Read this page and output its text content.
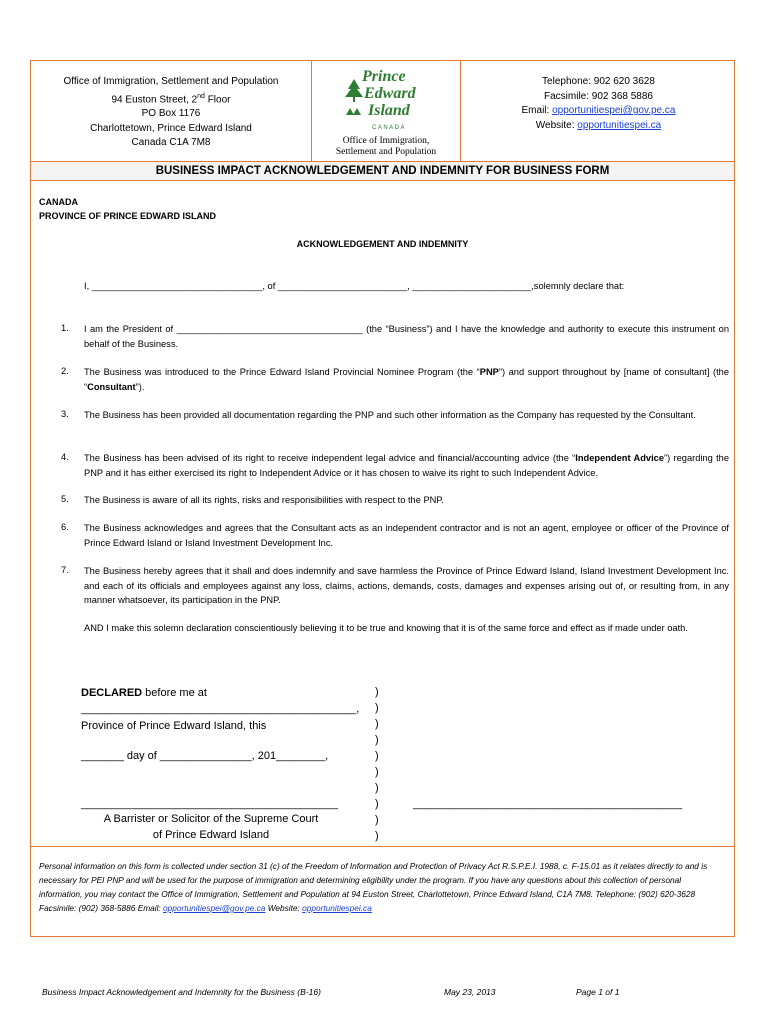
Office of Immigration, Settlement and Population
94 Euston Street, 2nd Floor
PO Box 1176
Charlottetown, Prince Edward Island
Canada C1A 7M8
Prince
Edward
Island
CANADA
Office of Immigration,
Settlement and Population
Telephone: 902 620 3628
Facsimile: 902 368 5886
Email: opportunitiespei@gov.pe.ca
Website: opportunitiespei.ca
BUSINESS IMPACT ACKNOWLEDGEMENT AND INDEMNITY FOR BUSINESS FORM
CANADA
PROVINCE OF PRINCE EDWARD ISLAND
ACKNOWLEDGEMENT AND INDEMNITY
I, _________________________________, of _________________________, _______________________,solemnly declare that:
1. I am the President of ____________________________________ (the “Business”) and I have the knowledge and authority to execute this instrument on behalf of the Business.
2. The Business was introduced to the Prince Edward Island Provincial Nominee Program (the “PNP”) and support throughout by [name of consultant] (the “Consultant”).
3. The Business has been provided all documentation regarding the PNP and such other information as the Company has requested by the Consultant.
4. The Business has been advised of its right to receive independent legal advice and financial/accounting advice (the “Independent Advice”) regarding the PNP and it has either exercised its right to Independent Advice or it has chosen to waive its right to such Independent Advice.
5. The Business is aware of all its rights, risks and responsibilities with respect to the PNP.
6. The Business acknowledges and agrees that the Consultant acts as an independent contractor and is not an agent, employee or officer of the Province of Prince Edward Island or Island Investment Development Inc.
7. The Business hereby agrees that it shall and does indemnify and save harmless the Province of Prince Edward Island, Island Investment Development Inc. and each of its officials and employees against any loss, claims, actions, demands, costs, damages and expenses arising out of, or resulting from, in any manner whatsoever, its participation in the PNP.
AND I make this solemn declaration conscientiously believing it to be true and knowing that it is of the same force and effect as if made under oath.
DECLARED before me at
_____________________________________________,
Province of Prince Edward Island, this
_______ day of _______________, 201________,
__________________________________________
A Barrister or Solicitor of the Supreme Court
of Prince Edward Island
____________________________________________
)
)
)
)
)
)
)
)
)
)
Personal information on this form is collected under section 31 (c) of the Freedom of Information and Protection of Privacy Act R.S.P.E.I. 1988, c. F-15.01 as it relates directly to and is necessary for PEI PNP and will be used for the purpose of immigration and determining eligibility under the program. If you have any questions about this collection of personal information, you may contact the Office of Immigration, Settlement and Population at 94 Euston Street, Charlottetown, Prince Edward Island, C1A 7M8. Telephone: (902) 620-3628 Facsimile: (902) 368-5886 Email: opportunitiespei@gov.pe.ca Website: opportunitiespei.ca
Business Impact Acknowledgement and Indemnity for the Business (B-16)	May 23, 2013	Page 1 of 1
